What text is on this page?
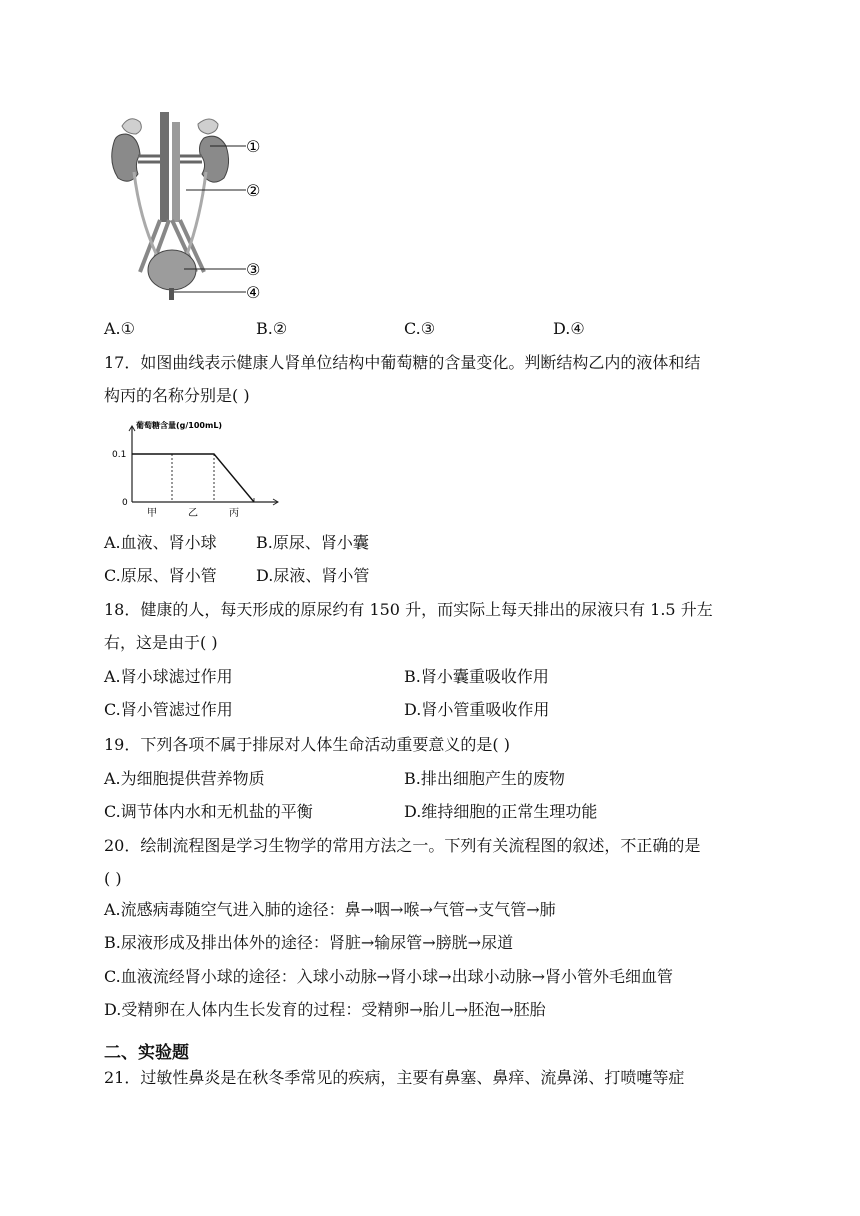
①
②
③
④
A.①	B.②	C.③	D.④
17．如图曲线表示健康人肾单位结构中葡萄糖的含量变化。判断结构乙内的液体和结
构丙的名称分别是( )
葡萄糖含量(g/100mL)
0.1
0
甲	乙	丙
A.血液、肾小球 B.原尿、肾小囊
C.原尿、肾小管 D.尿液、肾小管
18．健康的人，每天形成的原尿约有 150 升，而实际上每天排出的尿液只有 1.5 升左
右，这是由于( )
A.肾小球滤过作用	B.肾小囊重吸收作用
C.肾小管滤过作用	D.肾小管重吸收作用
19．下列各项不属于排尿对人体生命活动重要意义的是( )
A.为细胞提供营养物质	B.排出细胞产生的废物
C.调节体内水和无机盐的平衡	D.维持细胞的正常生理功能
20．绘制流程图是学习生物学的常用方法之一。下列有关流程图的叙述，不正确的是
( )
A.流感病毒随空气进入肺的途径：鼻→咽→喉→气管→支气管→肺
B.尿液形成及排出体外的途径：肾脏→输尿管→膀胱→尿道
C.血液流经肾小球的途径：入球小动脉→肾小球→出球小动脉→肾小管外毛细血管
D.受精卵在人体内生长发育的过程：受精卵→胎儿→胚泡→胚胎
二、实验题
21．过敏性鼻炎是在秋冬季常见的疾病，主要有鼻塞、鼻痒、流鼻涕、打喷嚏等症
